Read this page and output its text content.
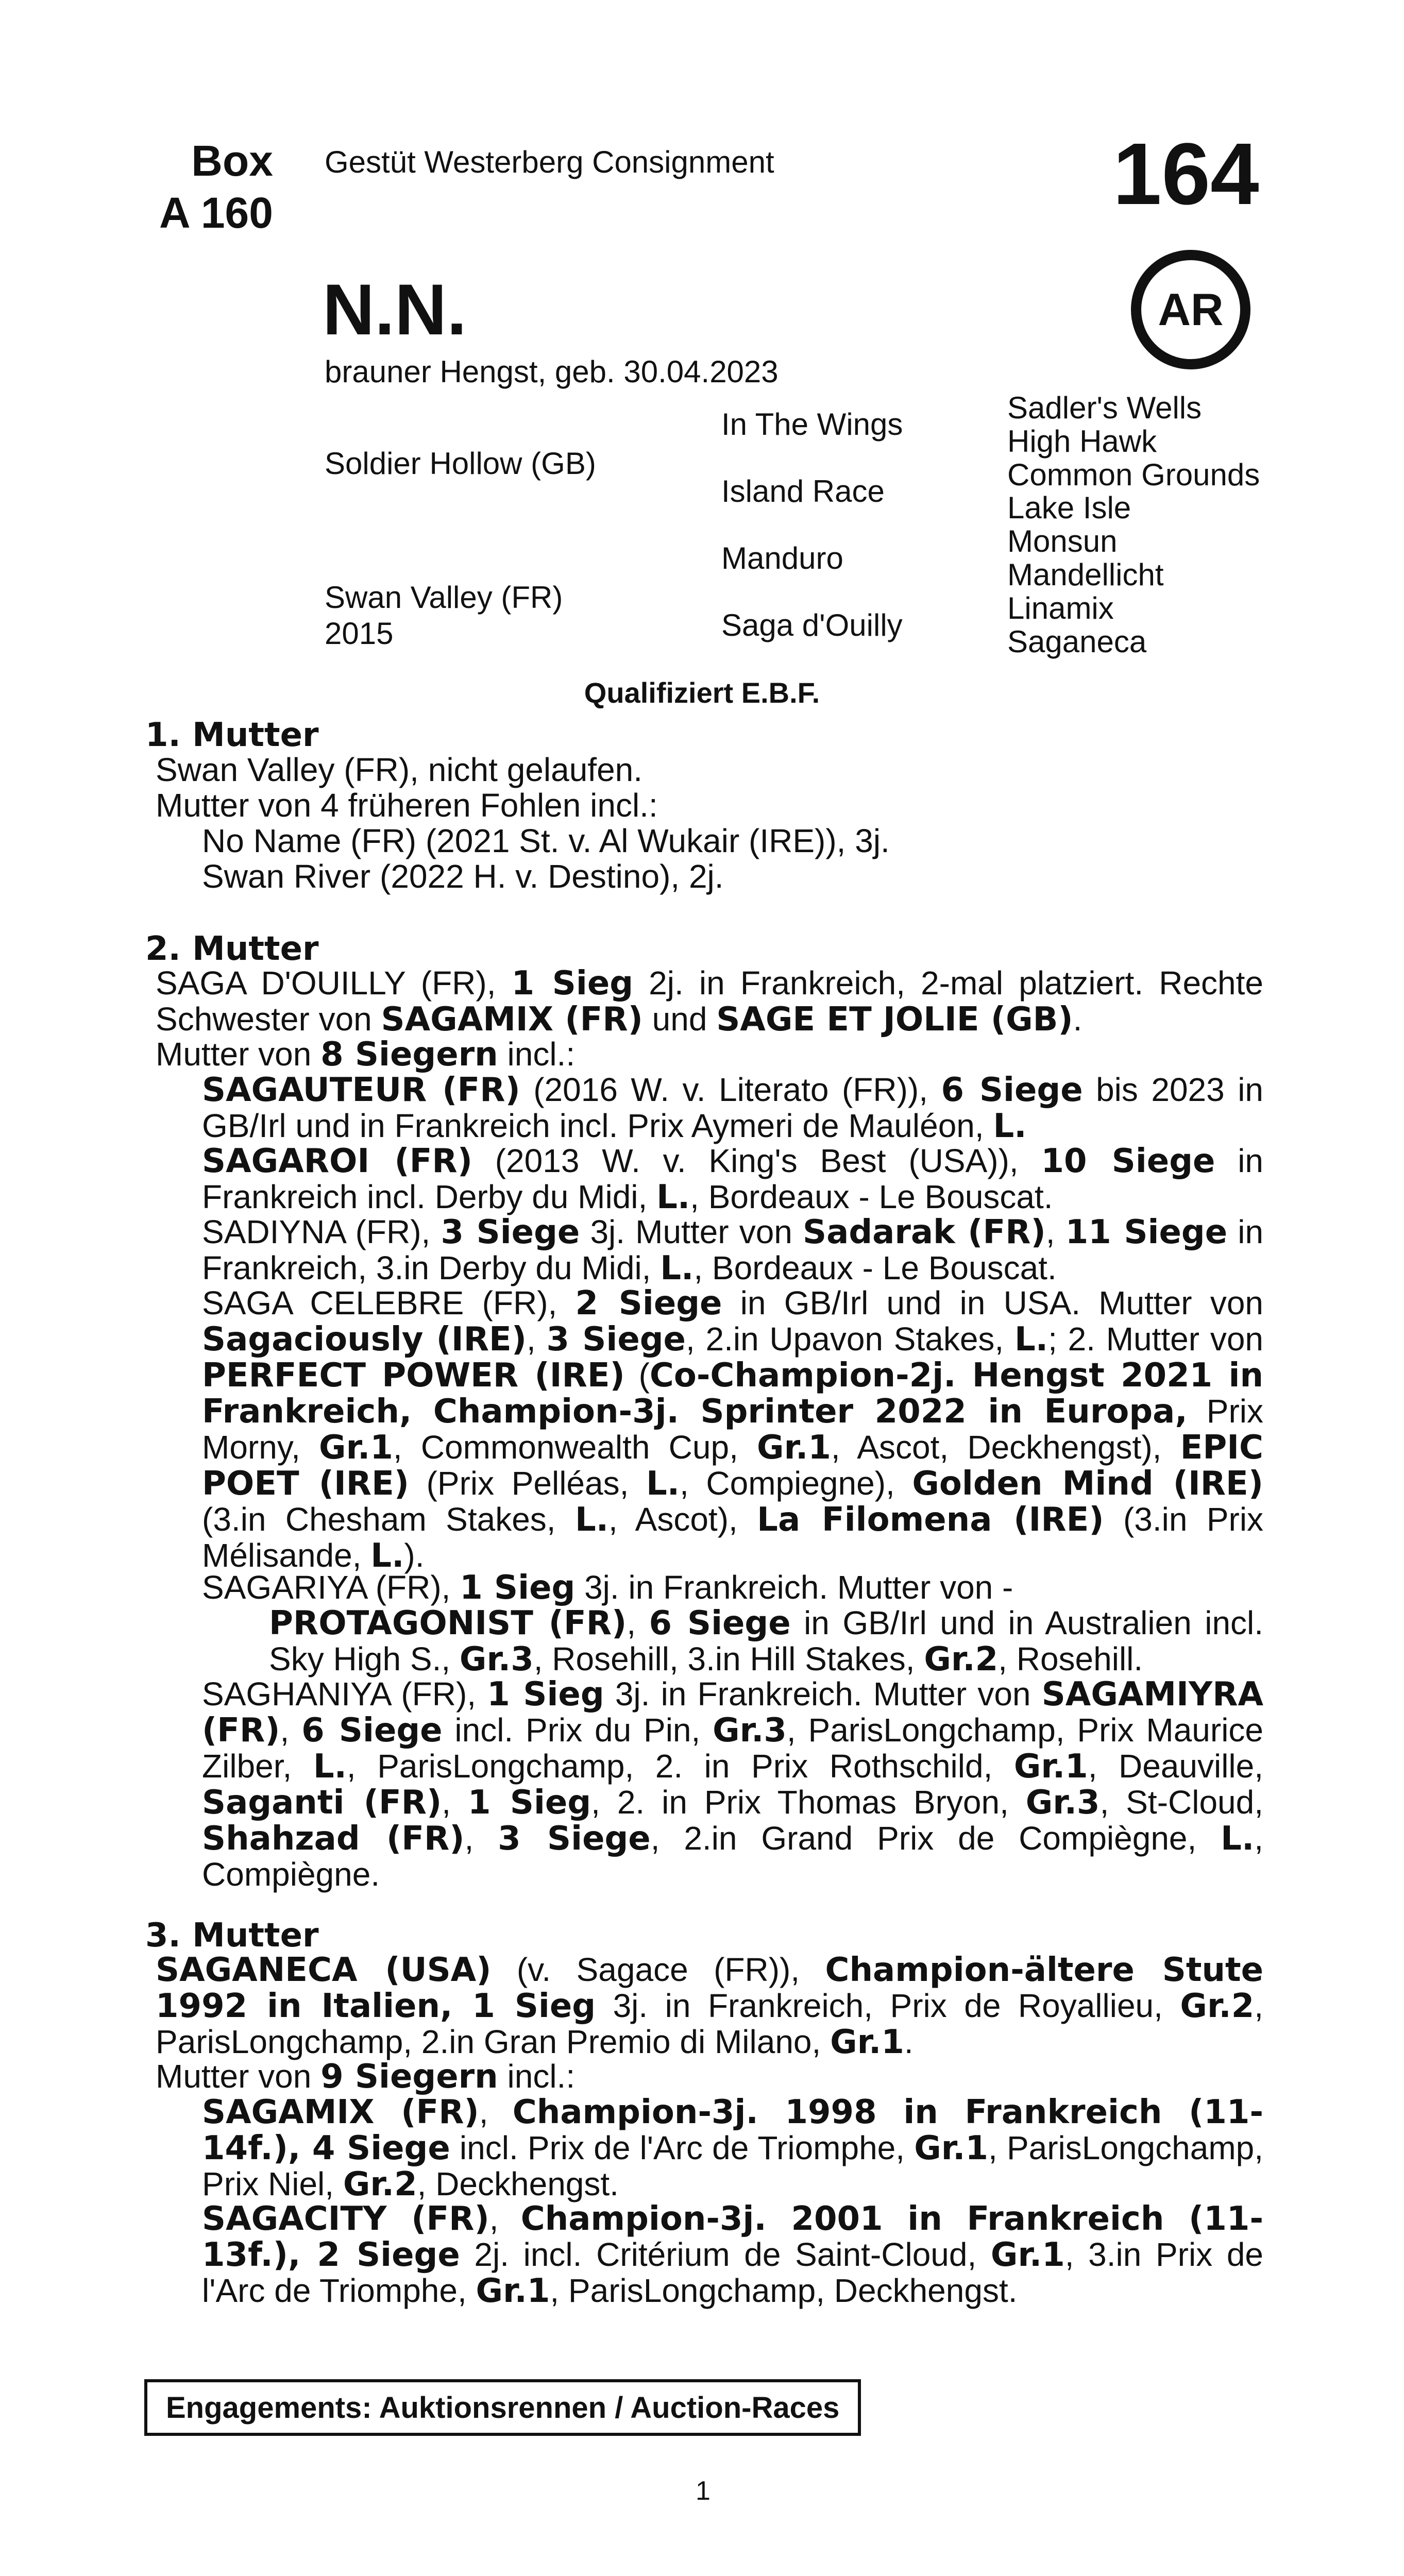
Box
A 160
Gestüt Westerberg Consignment	164
AR
N.N.
brauner Hengst, geb. 30.04.2023
Soldier Hollow (GB)
Swan Valley (FR)
2015
In The Wings
Island Race
Manduro
Saga d'Ouilly
Sadler's Wells
High Hawk
Common Grounds
Lake Isle
Monsun
Mandellicht
Linamix
Saganeca
Qualifiziert E.B.F.
1. Mutter
Swan Valley (FR), nicht gelaufen.
Mutter von 4 früheren Fohlen incl.:
No Name (FR) (2021 St. v. Al Wukair (IRE)), 3j.
Swan River (2022 H. v. Destino), 2j.
2. Mutter
SAGA D'OUILLY (FR), 1 Sieg 2j. in Frankreich, 2-mal platziert. Rechte Schwester von SAGAMIX (FR) und SAGE ET JOLIE (GB).
Mutter von 8 Siegern incl.:
SAGAUTEUR (FR) (2016 W. v. Literato (FR)), 6 Siege bis 2023 in GB/Irl und in Frankreich incl. Prix Aymeri de Mauléon, L.
SAGAROI (FR) (2013 W. v. King's Best (USA)), 10 Siege in Frankreich incl. Derby du Midi, L., Bordeaux - Le Bouscat.
SADIYNA (FR), 3 Siege 3j. Mutter von Sadarak (FR), 11 Siege in Frankreich, 3.in Derby du Midi, L., Bordeaux - Le Bouscat.
SAGA CELEBRE (FR), 2 Siege in GB/Irl und in USA. Mutter von Sagaciously (IRE), 3 Siege, 2.in Upavon Stakes, L.; 2. Mutter von PERFECT POWER (IRE) (Co-Champion-2j. Hengst 2021 in Frankreich, Champion-3j. Sprinter 2022 in Europa, Prix Morny, Gr.1, Commonwealth Cup, Gr.1, Ascot, Deckhengst), EPIC POET (IRE) (Prix Pelléas, L., Compiegne), Golden Mind (IRE) (3.in Chesham Stakes, L., Ascot), La Filomena (IRE) (3.in Prix Mélisande, L.).
SAGARIYA (FR), 1 Sieg 3j. in Frankreich. Mutter von -
PROTAGONIST (FR), 6 Siege in GB/Irl und in Australien incl. Sky High S., Gr.3, Rosehill, 3.in Hill Stakes, Gr.2, Rosehill.
SAGHANIYA (FR), 1 Sieg 3j. in Frankreich. Mutter von SAGAMIYRA (FR), 6 Siege incl. Prix du Pin, Gr.3, ParisLongchamp, Prix Maurice Zilber, L., ParisLongchamp, 2. in Prix Rothschild, Gr.1, Deauville, Saganti (FR), 1 Sieg, 2. in Prix Thomas Bryon, Gr.3, St-Cloud, Shahzad (FR), 3 Siege, 2.in Grand Prix de Compiègne, L., Compiègne.
3. Mutter
SAGANECA (USA) (v. Sagace (FR)), Champion-ältere Stute 1992 in Italien, 1 Sieg 3j. in Frankreich, Prix de Royallieu, Gr.2, ParisLongchamp, 2.in Gran Premio di Milano, Gr.1.
Mutter von 9 Siegern incl.:
SAGAMIX (FR), Champion-3j. 1998 in Frankreich (11-14f.), 4 Siege incl. Prix de l'Arc de Triomphe, Gr.1, ParisLongchamp, Prix Niel, Gr.2, Deckhengst.
SAGACITY (FR), Champion-3j. 2001 in Frankreich (11-13f.), 2 Siege 2j. incl. Critérium de Saint-Cloud, Gr.1, 3.in Prix de l'Arc de Triomphe, Gr.1, ParisLongchamp, Deckhengst.
Engagements: Auktionsrennen / Auction-Races
1
